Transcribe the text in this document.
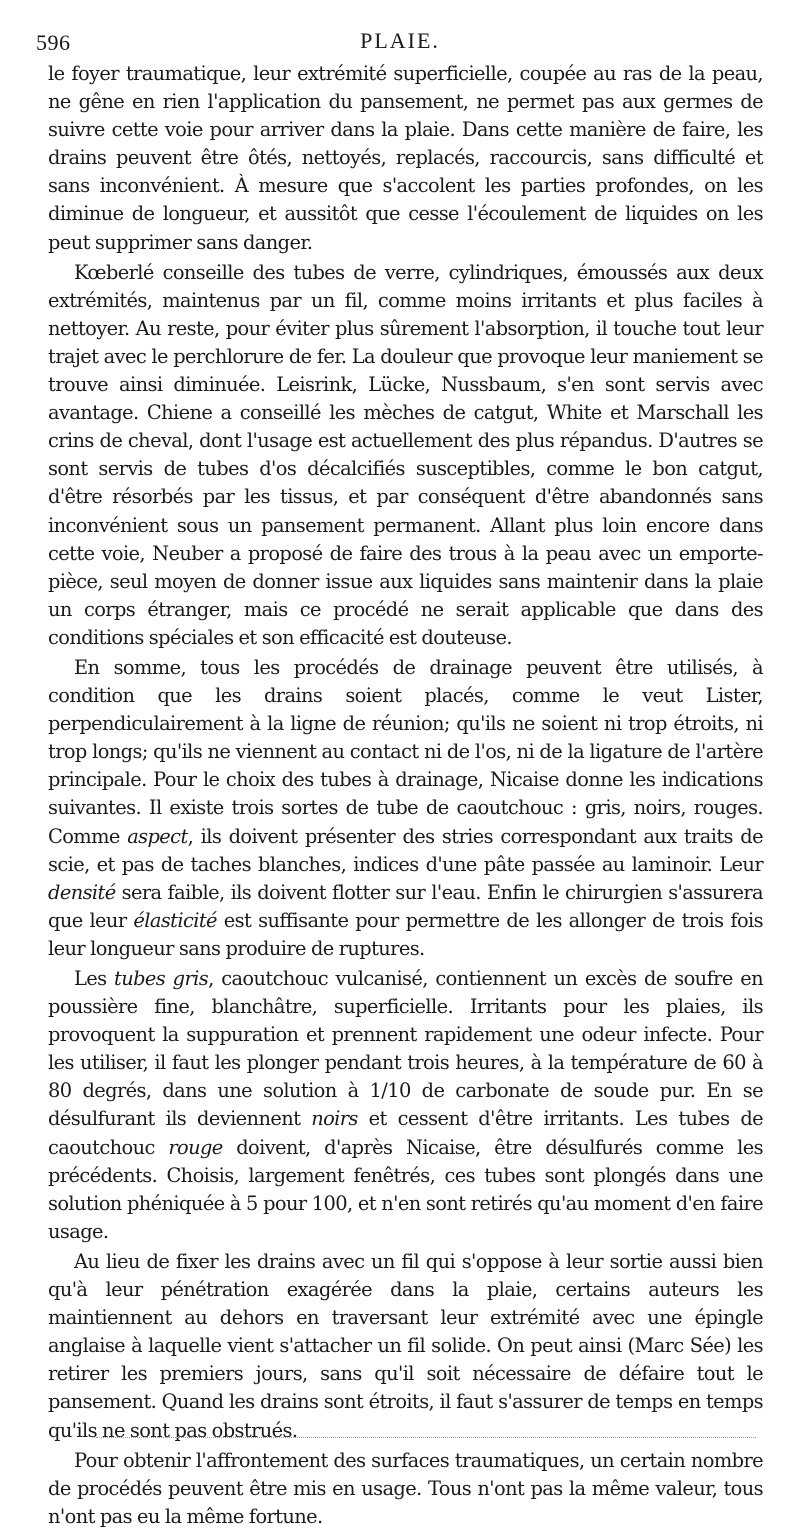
596	PLAIE.

le foyer traumatique, leur extrémité superficielle, coupée au ras de la peau, ne gêne en rien l'application du pansement, ne permet pas aux germes de suivre cette voie pour arriver dans la plaie. Dans cette manière de faire, les drains peuvent être ôtés, nettoyés, replacés, raccourcis, sans difficulté et sans inconvénient. À mesure que s'accolent les parties profondes, on les diminue de longueur, et aussitôt que cesse l'écoulement de liquides on les peut supprimer sans danger.

Kœberlé conseille des tubes de verre, cylindriques, émoussés aux deux extrémités, maintenus par un fil, comme moins irritants et plus faciles à nettoyer. Au reste, pour éviter plus sûrement l'absorption, il touche tout leur trajet avec le perchlorure de fer. La douleur que provoque leur maniement se trouve ainsi diminuée. Leisrink, Lücke, Nussbaum, s'en sont servis avec avantage. Chiene a conseillé les mèches de catgut, White et Marschall les crins de cheval, dont l'usage est actuellement des plus répandus. D'autres se sont servis de tubes d'os décalcifiés susceptibles, comme le bon catgut, d'être résorbés par les tissus, et par conséquent d'être abandonnés sans inconvénient sous un pansement permanent. Allant plus loin encore dans cette voie, Neuber a proposé de faire des trous à la peau avec un emporte-pièce, seul moyen de donner issue aux liquides sans maintenir dans la plaie un corps étranger, mais ce procédé ne serait applicable que dans des conditions spéciales et son efficacité est douteuse.

En somme, tous les procédés de drainage peuvent être utilisés, à condition que les drains soient placés, comme le veut Lister, perpendiculairement à la ligne de réunion; qu'ils ne soient ni trop étroits, ni trop longs; qu'ils ne viennent au contact ni de l'os, ni de la ligature de l'artère principale. Pour le choix des tubes à drainage, Nicaise donne les indications suivantes. Il existe trois sortes de tube de caoutchouc : gris, noirs, rouges. Comme aspect, ils doivent présenter des stries correspondant aux traits de scie, et pas de taches blanches, indices d'une pâte passée au laminoir. Leur densité sera faible, ils doivent flotter sur l'eau. Enfin le chirurgien s'assurera que leur élasticité est suffisante pour permettre de les allonger de trois fois leur longueur sans produire de ruptures.

Les tubes gris, caoutchouc vulcanisé, contiennent un excès de soufre en poussière fine, blanchâtre, superficielle. Irritants pour les plaies, ils provoquent la suppuration et prennent rapidement une odeur infecte. Pour les utiliser, il faut les plonger pendant trois heures, à la température de 60 à 80 degrés, dans une solution à 1/10 de carbonate de soude pur. En se désulfurant ils deviennent noirs et cessent d'être irritants. Les tubes de caoutchouc rouge doivent, d'après Nicaise, être désulfurés comme les précédents. Choisis, largement fenêtrés, ces tubes sont plongés dans une solution phéniquée à 5 pour 100, et n'en sont retirés qu'au moment d'en faire usage.

Au lieu de fixer les drains avec un fil qui s'oppose à leur sortie aussi bien qu'à leur pénétration exagérée dans la plaie, certains auteurs les maintiennent au dehors en traversant leur extrémité avec une épingle anglaise à laquelle vient s'attacher un fil solide. On peut ainsi (Marc Sée) les retirer les premiers jours, sans qu'il soit nécessaire de défaire tout le pansement. Quand les drains sont étroits, il faut s'assurer de temps en temps qu'ils ne sont pas obstrués.

Pour obtenir l'affrontement des surfaces traumatiques, un certain nombre de procédés peuvent être mis en usage. Tous n'ont pas la même valeur, tous n'ont pas eu la même fortune.
